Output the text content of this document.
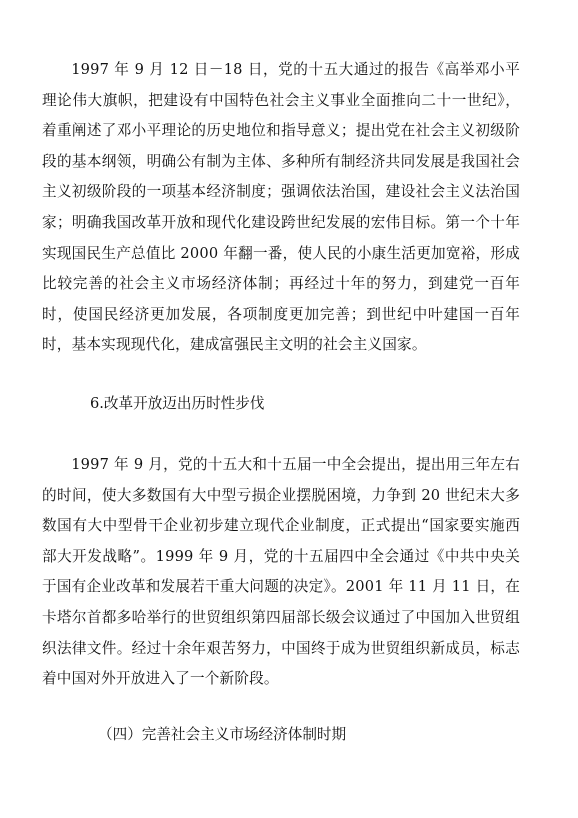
1997 年 9 月 12 日－18 日，党的十五大通过的报告《高举邓小平理论伟大旗帜，把建设有中国特色社会主义事业全面推向二十一世纪》，着重阐述了邓小平理论的历史地位和指导意义；提出党在社会主义初级阶段的基本纲领，明确公有制为主体、多种所有制经济共同发展是我国社会主义初级阶段的一项基本经济制度；强调依法治国，建设社会主义法治国家；明确我国改革开放和现代化建设跨世纪发展的宏伟目标。第一个十年实现国民生产总值比 2000 年翻一番，使人民的小康生活更加宽裕，形成比较完善的社会主义市场经济体制；再经过十年的努力，到建党一百年时，使国民经济更加发展，各项制度更加完善；到世纪中叶建国一百年时，基本实现现代化，建成富强民主文明的社会主义国家。

6.改革开放迈出历时性步伐

1997 年 9 月，党的十五大和十五届一中全会提出，提出用三年左右的时间，使大多数国有大中型亏损企业摆脱困境，力争到 20 世纪末大多数国有大中型骨干企业初步建立现代企业制度，正式提出“国家要实施西部大开发战略”。1999 年 9 月，党的十五届四中全会通过《中共中央关于国有企业改革和发展若干重大问题的决定》。2001 年 11 月 11 日，在卡塔尔首都多哈举行的世贸组织第四届部长级会议通过了中国加入世贸组织法律文件。经过十余年艰苦努力，中国终于成为世贸组织新成员，标志着中国对外开放进入了一个新阶段。

（四）完善社会主义市场经济体制时期
